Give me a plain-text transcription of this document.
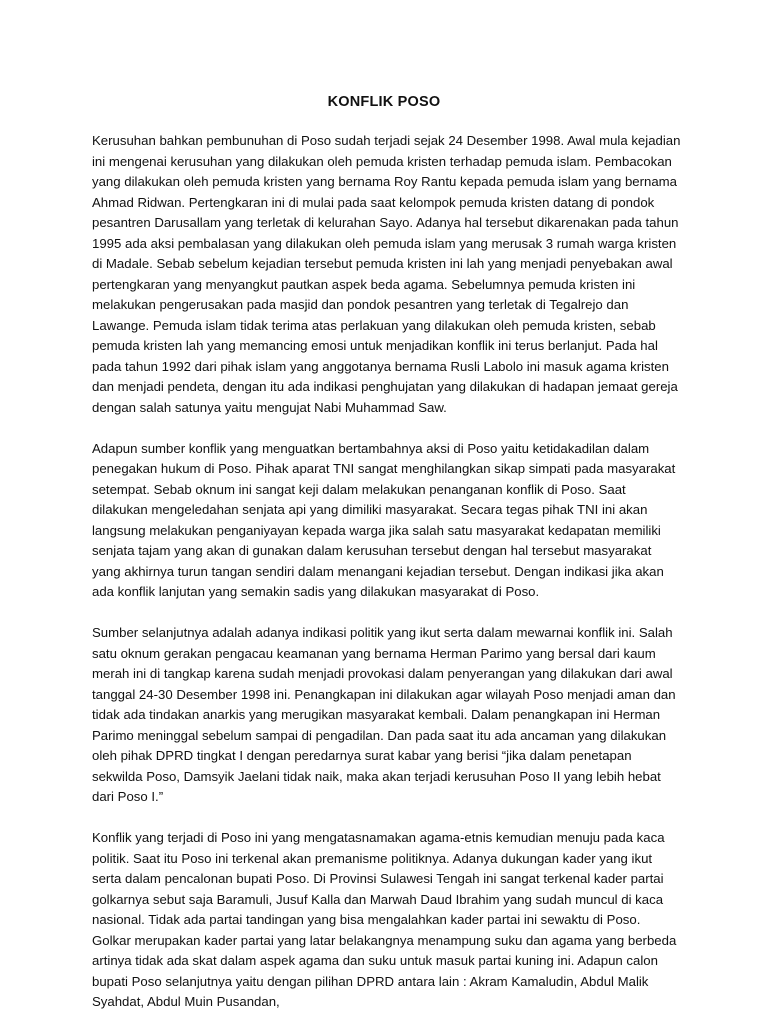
KONFLIK POSO

Kerusuhan bahkan pembunuhan di Poso sudah terjadi sejak 24 Desember 1998. Awal mula kejadian ini mengenai kerusuhan yang dilakukan oleh pemuda kristen terhadap pemuda islam. Pembacokan yang dilakukan oleh pemuda kristen yang bernama Roy Rantu kepada pemuda islam yang bernama Ahmad Ridwan. Pertengkaran ini di mulai pada saat kelompok pemuda kristen datang di pondok pesantren Darusallam yang terletak di kelurahan Sayo. Adanya hal tersebut dikarenakan pada tahun 1995 ada aksi pembalasan yang dilakukan oleh pemuda islam yang merusak 3 rumah warga kristen di Madale. Sebab sebelum kejadian tersebut pemuda kristen ini lah yang menjadi penyebakan awal pertengkaran yang menyangkut pautkan aspek beda agama. Sebelumnya pemuda kristen ini melakukan pengerusakan pada masjid dan pondok pesantren yang terletak di Tegalrejo dan Lawange. Pemuda islam tidak terima atas perlakuan yang dilakukan oleh pemuda kristen, sebab pemuda kristen lah yang memancing emosi untuk menjadikan konflik ini terus berlanjut. Pada hal pada tahun 1992 dari pihak islam yang anggotanya bernama Rusli Labolo ini masuk agama kristen dan menjadi pendeta, dengan itu ada indikasi penghujatan yang dilakukan di hadapan jemaat gereja dengan salah satunya yaitu mengujat Nabi Muhammad Saw.

Adapun sumber konflik yang menguatkan bertambahnya aksi di Poso yaitu ketidakadilan dalam penegakan hukum di Poso. Pihak aparat TNI sangat menghilangkan sikap simpati pada masyarakat setempat. Sebab oknum ini sangat keji dalam melakukan penanganan konflik di Poso. Saat dilakukan mengeledahan senjata api yang dimiliki masyarakat. Secara tegas pihak TNI ini akan langsung melakukan penganiyayan kepada warga jika salah satu masyarakat kedapatan memiliki senjata tajam yang akan di gunakan dalam kerusuhan tersebut dengan hal tersebut masyarakat yang akhirnya turun tangan sendiri dalam menangani kejadian tersebut. Dengan indikasi jika akan ada konflik lanjutan yang semakin sadis yang dilakukan masyarakat di Poso.

Sumber selanjutnya adalah adanya indikasi politik yang ikut serta dalam mewarnai konflik ini. Salah satu oknum gerakan pengacau keamanan yang bernama Herman Parimo yang bersal dari kaum merah ini di tangkap karena sudah menjadi provokasi dalam penyerangan yang dilakukan dari awal tanggal 24-30 Desember 1998 ini. Penangkapan ini dilakukan agar wilayah Poso menjadi aman dan tidak ada tindakan anarkis yang merugikan masyarakat kembali. Dalam penangkapan ini Herman Parimo meninggal sebelum sampai di pengadilan. Dan pada saat itu ada ancaman yang dilakukan oleh pihak DPRD tingkat I dengan peredarnya surat kabar yang berisi “jika dalam penetapan sekwilda Poso, Damsyik Jaelani tidak naik, maka akan terjadi kerusuhan Poso II yang lebih hebat dari Poso I.”

Konflik yang terjadi di Poso ini yang mengatasnamakan agama-etnis kemudian menuju pada kaca politik. Saat itu Poso ini terkenal akan premanisme politiknya. Adanya dukungan kader yang ikut serta dalam pencalonan bupati Poso. Di Provinsi Sulawesi Tengah ini sangat terkenal kader partai golkarnya sebut saja Baramuli, Jusuf Kalla dan Marwah Daud Ibrahim yang sudah muncul di kaca nasional. Tidak ada partai tandingan yang bisa mengalahkan kader partai ini sewaktu di Poso. Golkar merupakan kader partai yang latar belakangnya menampung suku dan agama yang berbeda artinya tidak ada skat dalam aspek agama dan suku untuk masuk partai kuning ini. Adapun calon bupati Poso selanjutnya yaitu dengan pilihan DPRD antara lain : Akram Kamaludin, Abdul Malik Syahdat, Abdul Muin Pusandan,
